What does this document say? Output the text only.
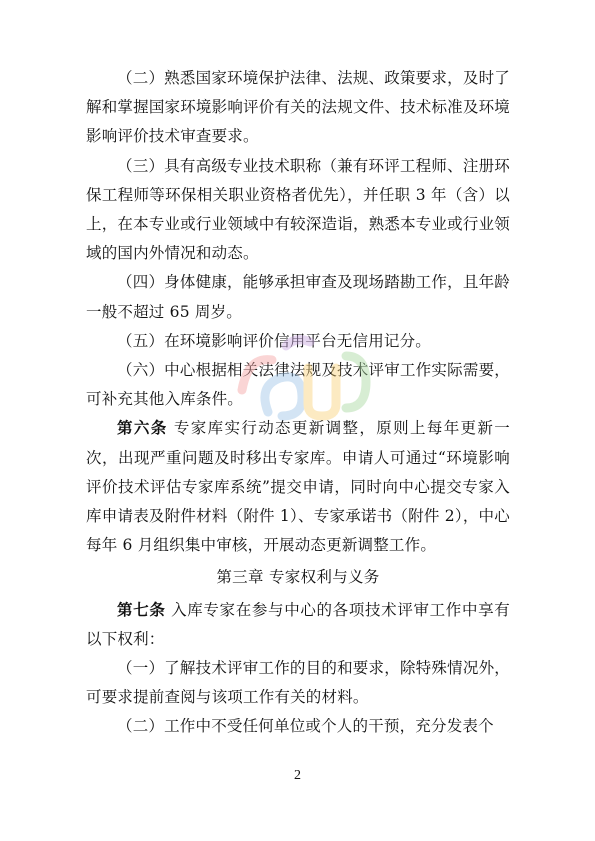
（二）熟悉国家环境保护法律、法规、政策要求，及时了解和掌握国家环境影响评价有关的法规文件、技术标准及环境影响评价技术审查要求。

（三）具有高级专业技术职称（兼有环评工程师、注册环保工程师等环保相关职业资格者优先），并任职 3 年（含）以上，在本专业或行业领域中有较深造诣，熟悉本专业或行业领域的国内外情况和动态。

（四）身体健康，能够承担审查及现场踏勘工作，且年龄一般不超过 65 周岁。

（五）在环境影响评价信用平台无信用记分。

（六）中心根据相关法律法规及技术评审工作实际需要，可补充其他入库条件。

第六条 专家库实行动态更新调整，原则上每年更新一次，出现严重问题及时移出专家库。申请人可通过“环境影响评价技术评估专家库系统”提交申请，同时向中心提交专家入库申请表及附件材料（附件 1）、专家承诺书（附件 2），中心每年 6 月组织集中审核，开展动态更新调整工作。

第三章 专家权利与义务

第七条 入库专家在参与中心的各项技术评审工作中享有以下权利：

（一）了解技术评审工作的目的和要求，除特殊情况外，可要求提前查阅与该项工作有关的材料。

（二）工作中不受任何单位或个人的干预，充分发表个

2
